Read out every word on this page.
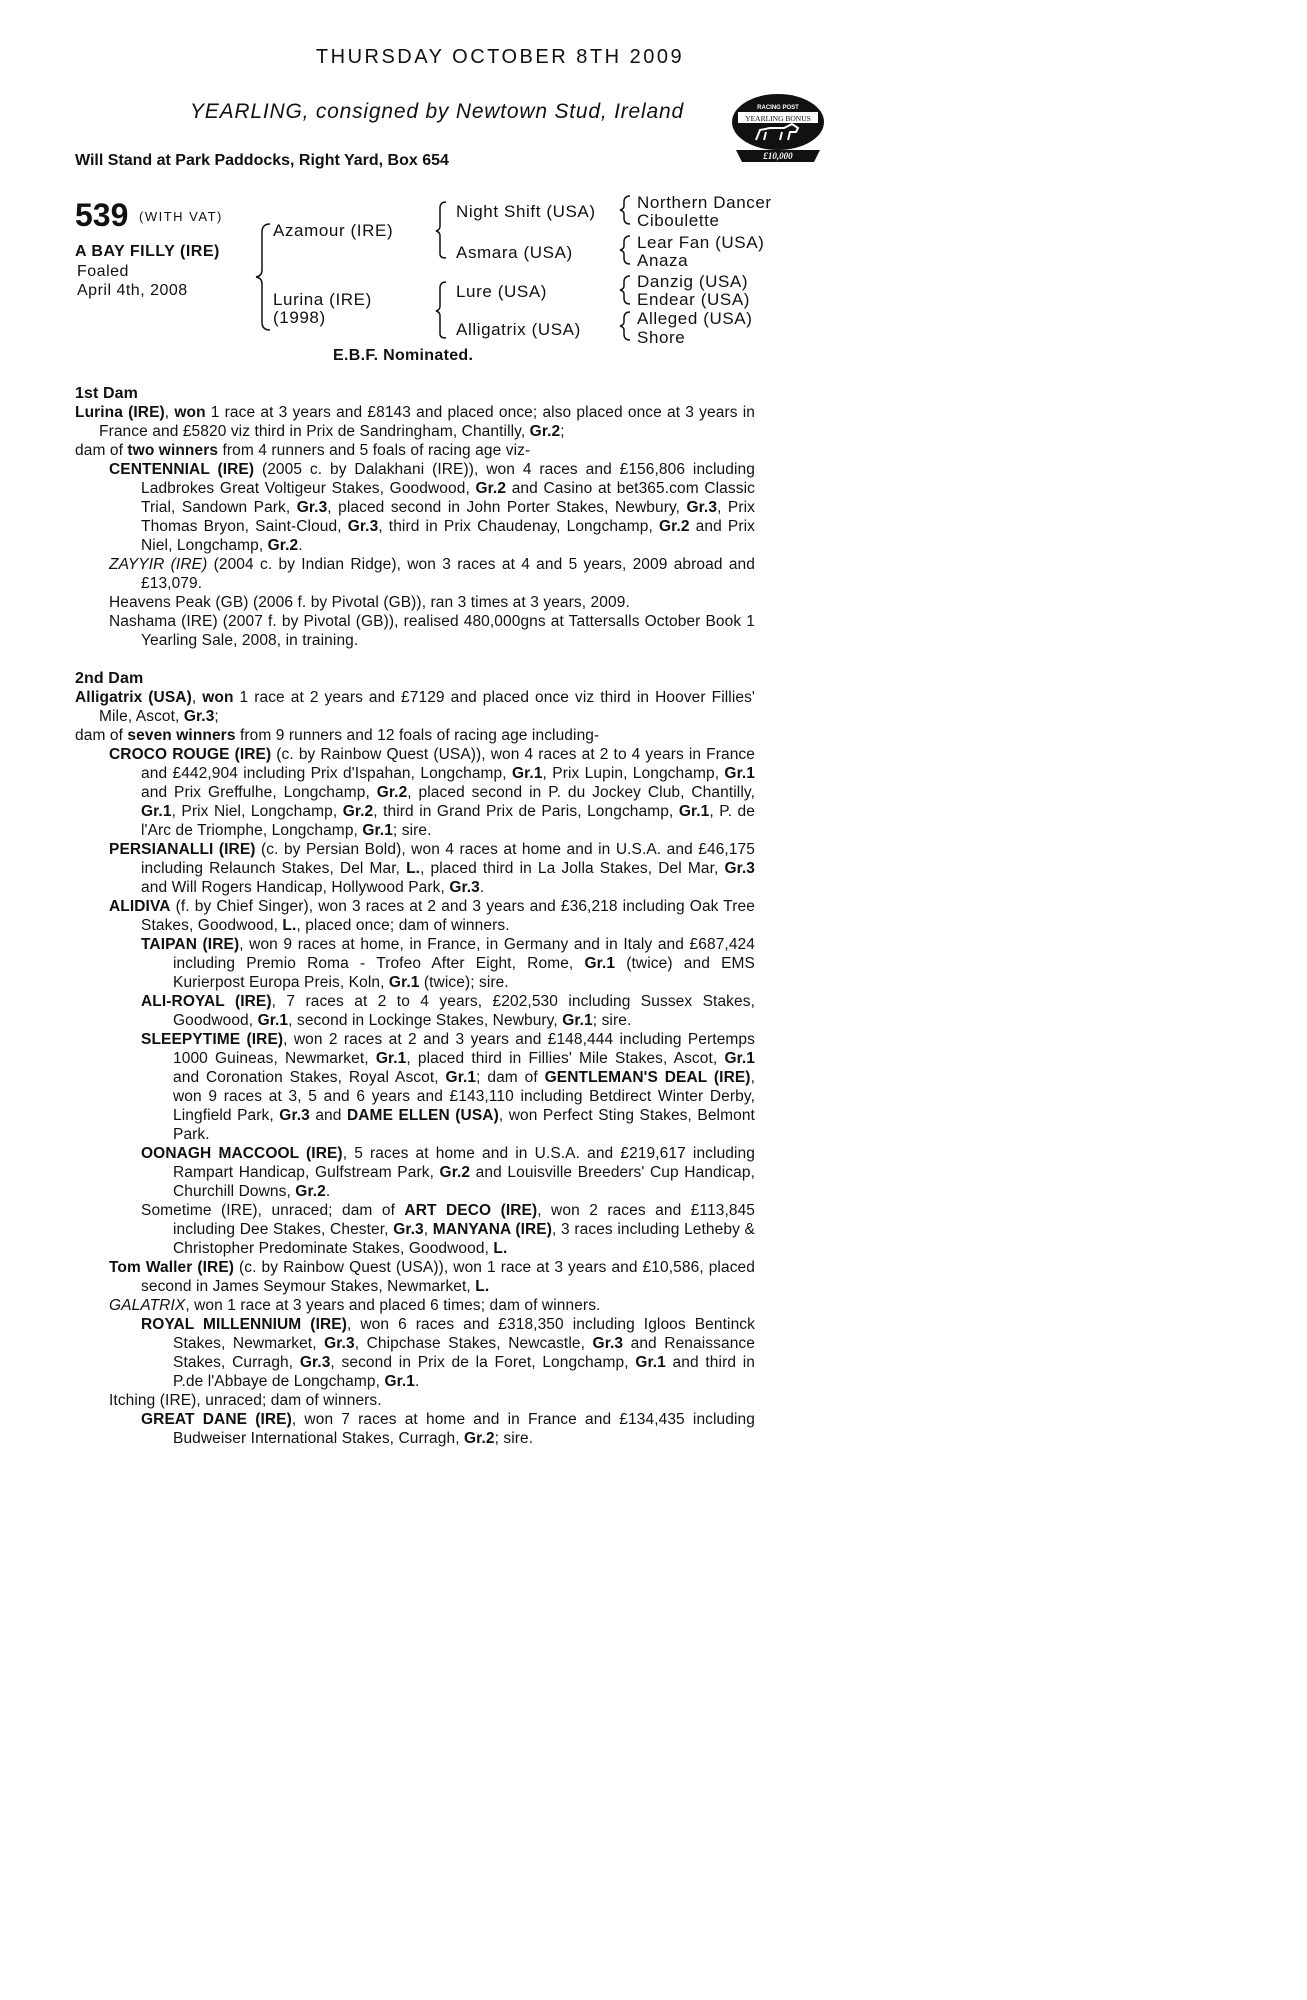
THURSDAY OCTOBER 8TH 2009
YEARLING, consigned by Newtown Stud, Ireland
Will Stand at Park Paddocks, Right Yard, Box 654
RACING POST
YEARLING BONUS
£10,000
539 (WITH VAT)
A BAY FILLY (IRE)
Foaled
April 4th, 2008
Azamour (IRE)
Lurina (IRE)
(1998)
Night Shift (USA)
Asmara (USA)
Lure (USA)
Alligatrix (USA)
Northern Dancer
Ciboulette
Lear Fan (USA)
Anaza
Danzig (USA)
Endear (USA)
Alleged (USA)
Shore
E.B.F. Nominated.

1st Dam

Lurina (IRE), won 1 race at 3 years and £8143 and placed once; also placed once at 3 years in France and £5820 viz third in Prix de Sandringham, Chantilly, Gr.2;

dam of two winners from 4 runners and 5 foals of racing age viz-

CENTENNIAL (IRE) (2005 c. by Dalakhani (IRE)), won 4 races and £156,806 including Ladbrokes Great Voltigeur Stakes, Goodwood, Gr.2 and Casino at bet365.com Classic Trial, Sandown Park, Gr.3, placed second in John Porter Stakes, Newbury, Gr.3, Prix Thomas Bryon, Saint-Cloud, Gr.3, third in Prix Chaudenay, Longchamp, Gr.2 and Prix Niel, Longchamp, Gr.2.

ZAYYIR (IRE) (2004 c. by Indian Ridge), won 3 races at 4 and 5 years, 2009 abroad and £13,079.

Heavens Peak (GB) (2006 f. by Pivotal (GB)), ran 3 times at 3 years, 2009.

Nashama (IRE) (2007 f. by Pivotal (GB)), realised 480,000gns at Tattersalls October Book 1 Yearling Sale, 2008, in training.

2nd Dam

Alligatrix (USA), won 1 race at 2 years and £7129 and placed once viz third in Hoover Fillies' Mile, Ascot, Gr.3;

dam of seven winners from 9 runners and 12 foals of racing age including-

CROCO ROUGE (IRE) (c. by Rainbow Quest (USA)), won 4 races at 2 to 4 years in France and £442,904 including Prix d'Ispahan, Longchamp, Gr.1, Prix Lupin, Longchamp, Gr.1 and Prix Greffulhe, Longchamp, Gr.2, placed second in P. du Jockey Club, Chantilly, Gr.1, Prix Niel, Longchamp, Gr.2, third in Grand Prix de Paris, Longchamp, Gr.1, P. de l'Arc de Triomphe, Longchamp, Gr.1; sire.

PERSIANALLI (IRE) (c. by Persian Bold), won 4 races at home and in U.S.A. and £46,175 including Relaunch Stakes, Del Mar, L., placed third in La Jolla Stakes, Del Mar, Gr.3 and Will Rogers Handicap, Hollywood Park, Gr.3.

ALIDIVA (f. by Chief Singer), won 3 races at 2 and 3 years and £36,218 including Oak Tree Stakes, Goodwood, L., placed once; dam of winners.

TAIPAN (IRE), won 9 races at home, in France, in Germany and in Italy and £687,424 including Premio Roma - Trofeo After Eight, Rome, Gr.1 (twice) and EMS Kurierpost Europa Preis, Koln, Gr.1 (twice); sire.

ALI-ROYAL (IRE), 7 races at 2 to 4 years, £202,530 including Sussex Stakes, Goodwood, Gr.1, second in Lockinge Stakes, Newbury, Gr.1; sire.

SLEEPYTIME (IRE), won 2 races at 2 and 3 years and £148,444 including Pertemps 1000 Guineas, Newmarket, Gr.1, placed third in Fillies' Mile Stakes, Ascot, Gr.1 and Coronation Stakes, Royal Ascot, Gr.1; dam of GENTLEMAN'S DEAL (IRE), won 9 races at 3, 5 and 6 years and £143,110 including Betdirect Winter Derby, Lingfield Park, Gr.3 and DAME ELLEN (USA), won Perfect Sting Stakes, Belmont Park.

OONAGH MACCOOL (IRE), 5 races at home and in U.S.A. and £219,617 including Rampart Handicap, Gulfstream Park, Gr.2 and Louisville Breeders' Cup Handicap, Churchill Downs, Gr.2.

Sometime (IRE), unraced; dam of ART DECO (IRE), won 2 races and £113,845 including Dee Stakes, Chester, Gr.3, MANYANA (IRE), 3 races including Letheby & Christopher Predominate Stakes, Goodwood, L.

Tom Waller (IRE) (c. by Rainbow Quest (USA)), won 1 race at 3 years and £10,586, placed second in James Seymour Stakes, Newmarket, L.

GALATRIX, won 1 race at 3 years and placed 6 times; dam of winners.

ROYAL MILLENNIUM (IRE), won 6 races and £318,350 including Igloos Bentinck Stakes, Newmarket, Gr.3, Chipchase Stakes, Newcastle, Gr.3 and Renaissance Stakes, Curragh, Gr.3, second in Prix de la Foret, Longchamp, Gr.1 and third in P.de l'Abbaye de Longchamp, Gr.1.

Itching (IRE), unraced; dam of winners.

GREAT DANE (IRE), won 7 races at home and in France and £134,435 including Budweiser International Stakes, Curragh, Gr.2; sire.
